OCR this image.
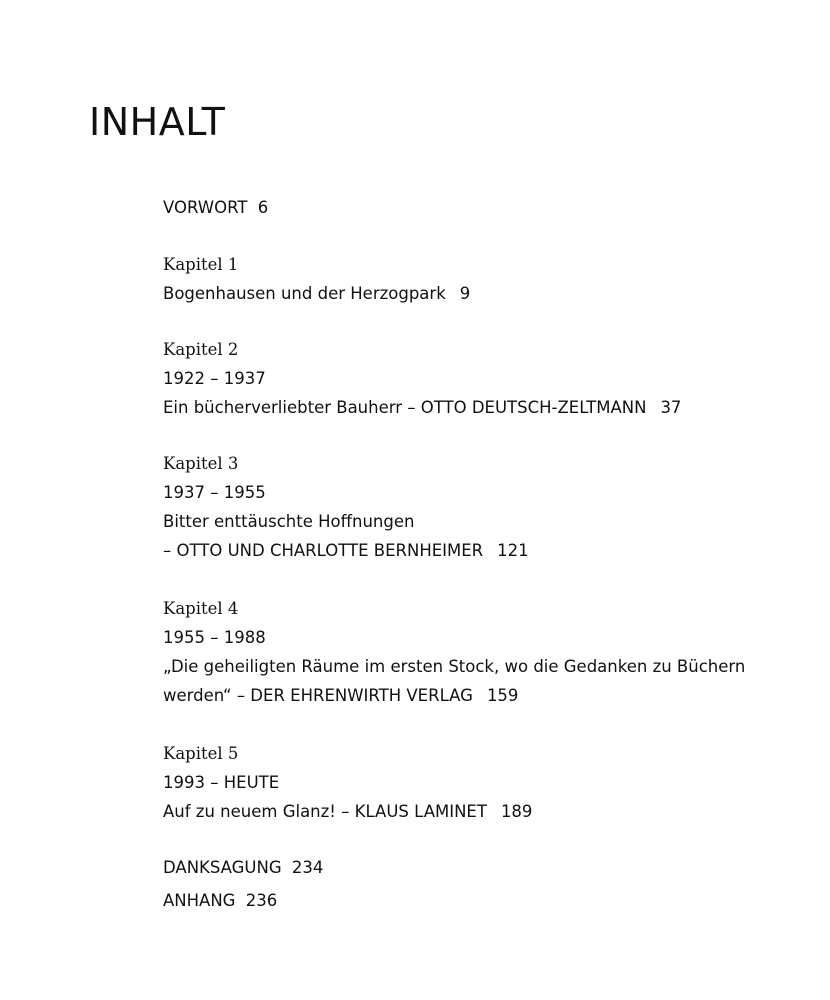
INHALT
VORWORT 6
Kapitel 1
Bogenhausen und der Herzogpark 9
Kapitel 2
1922 – 1937
Ein bücherverliebter Bauherr – OTTO DEUTSCH-ZELTMANN 37
Kapitel 3
1937 – 1955
Bitter enttäuschte Hoffnungen
– OTTO UND CHARLOTTE BERNHEIMER 121
Kapitel 4
1955 – 1988
„Die geheiligten Räume im ersten Stock, wo die Gedanken zu Büchern
werden“ – DER EHRENWIRTH VERLAG 159
Kapitel 5
1993 – HEUTE
Auf zu neuem Glanz! – KLAUS LAMINET 189
DANKSAGUNG 234
ANHANG 236
